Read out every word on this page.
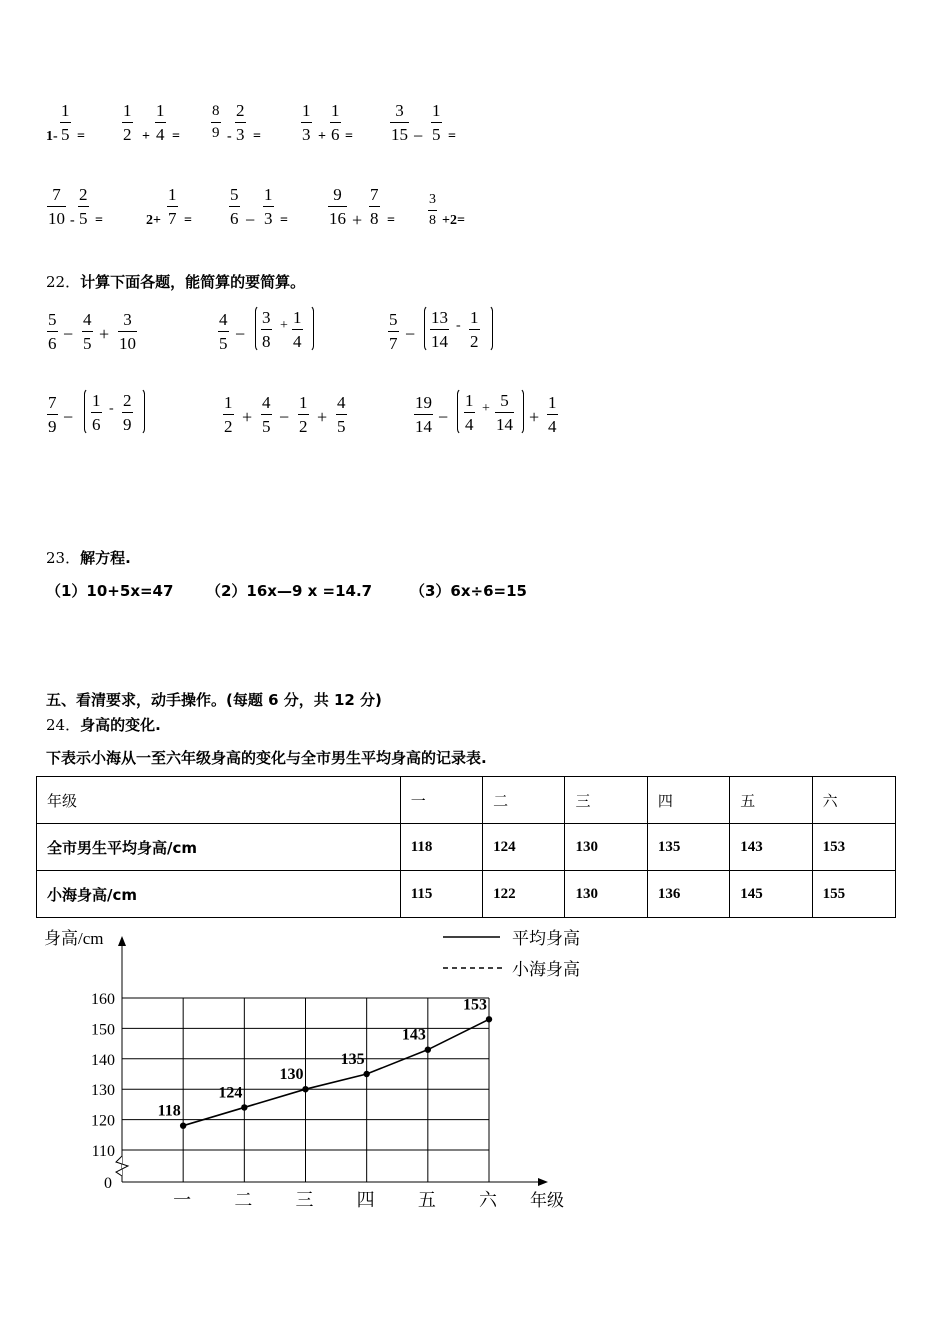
1-
1
5 =
1
2 +
1
4 =
8
9 -
2
3 =
1
3 +
1
6 =
3
15 −
1
5 =
7
10 -
2
5 =	2+
1
7 =
5
6 −
1
3 =
9
16 +
7
8 =
3
8 +2=
22．计算下面各题，能简算的要简算。
5
6 −
4
5 +
3
10
4
5 −
3
8
+ 1
4
5
7 −
13
14
- 1
2
7
9 −
1
6
- 2
9
1
2 +
4
5 −
1
2 +
4
5
19
14 −
1
4
+ 5
14 +
1
4
23．解方程.
（1）10+5x=47 （2）16x—9 x =14.7	（3）6x÷6=15
五、看清要求，动手操作。(每题 6 分，共 12 分)
24．身高的变化.
下表示小海从一至六年级身高的变化与全市男生平均身高的记录表.
年级	一	二	三	四	五	六
全市男生平均身高/cm	118	124	130	135	143	153
小海身高/cm	115	122	130	136	145	155
身高/cm
160
150
140
130
120
110
0
一 二 三 四 五 六 年级
118
124
130
135
143
153
平均身高
小海身高
